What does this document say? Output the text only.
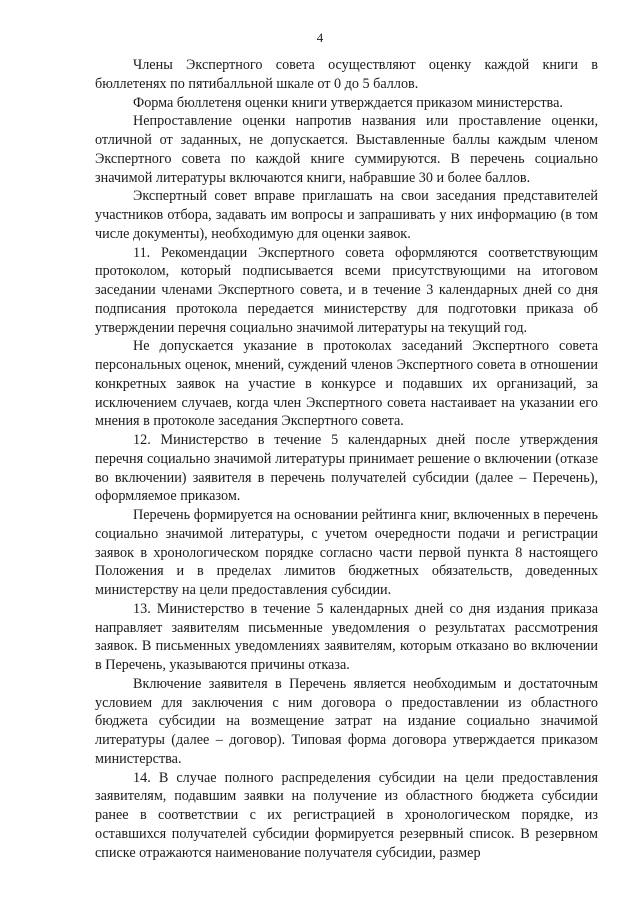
4

Члены Экспертного совета осуществляют оценку каждой книги в бюллетенях по пятибалльной шкале от 0 до 5 баллов.

Форма бюллетеня оценки книги утверждается приказом министерства.

Непроставление оценки напротив названия или проставление оценки, отличной от заданных, не допускается. Выставленные баллы каждым членом Экспертного совета по каждой книге суммируются. В перечень социально значимой литературы включаются книги, набравшие 30 и более баллов.

Экспертный совет вправе приглашать на свои заседания представителей участников отбора, задавать им вопросы и запрашивать у них информацию (в том числе документы), необходимую для оценки заявок.

11. Рекомендации Экспертного совета оформляются соответствующим протоколом, который подписывается всеми присутствующими на итоговом заседании членами Экспертного совета, и в течение 3 календарных дней со дня подписания протокола передается министерству для подготовки приказа об утверждении перечня социально значимой литературы на текущий год.

Не допускается указание в протоколах заседаний Экспертного совета персональных оценок, мнений, суждений членов Экспертного совета в отношении конкретных заявок на участие в конкурсе и подавших их организаций, за исключением случаев, когда член Экспертного совета настаивает на указании его мнения в протоколе заседания Экспертного совета.

12. Министерство в течение 5 календарных дней после утверждения перечня социально значимой литературы принимает решение о включении (отказе во включении) заявителя в перечень получателей субсидии (далее – Перечень), оформляемое приказом.

Перечень формируется на основании рейтинга книг, включенных в перечень социально значимой литературы, с учетом очередности подачи и регистрации заявок в хронологическом порядке согласно части первой пункта 8 настоящего Положения и в пределах лимитов бюджетных обязательств, доведенных министерству на цели предоставления субсидии.

13. Министерство в течение 5 календарных дней со дня издания приказа направляет заявителям письменные уведомления о результатах рассмотрения заявок. В письменных уведомлениях заявителям, которым отказано во включении в Перечень, указываются причины отказа.

Включение заявителя в Перечень является необходимым и достаточным условием для заключения с ним договора о предоставлении из областного бюджета субсидии на возмещение затрат на издание социально значимой литературы (далее – договор). Типовая форма договора утверждается приказом министерства.

14. В случае полного распределения субсидии на цели предоставления заявителям, подавшим заявки на получение из областного бюджета субсидии ранее в соответствии с их регистрацией в хронологическом порядке, из оставшихся получателей субсидии формируется резервный список. В резервном списке отражаются наименование получателя субсидии, размер
